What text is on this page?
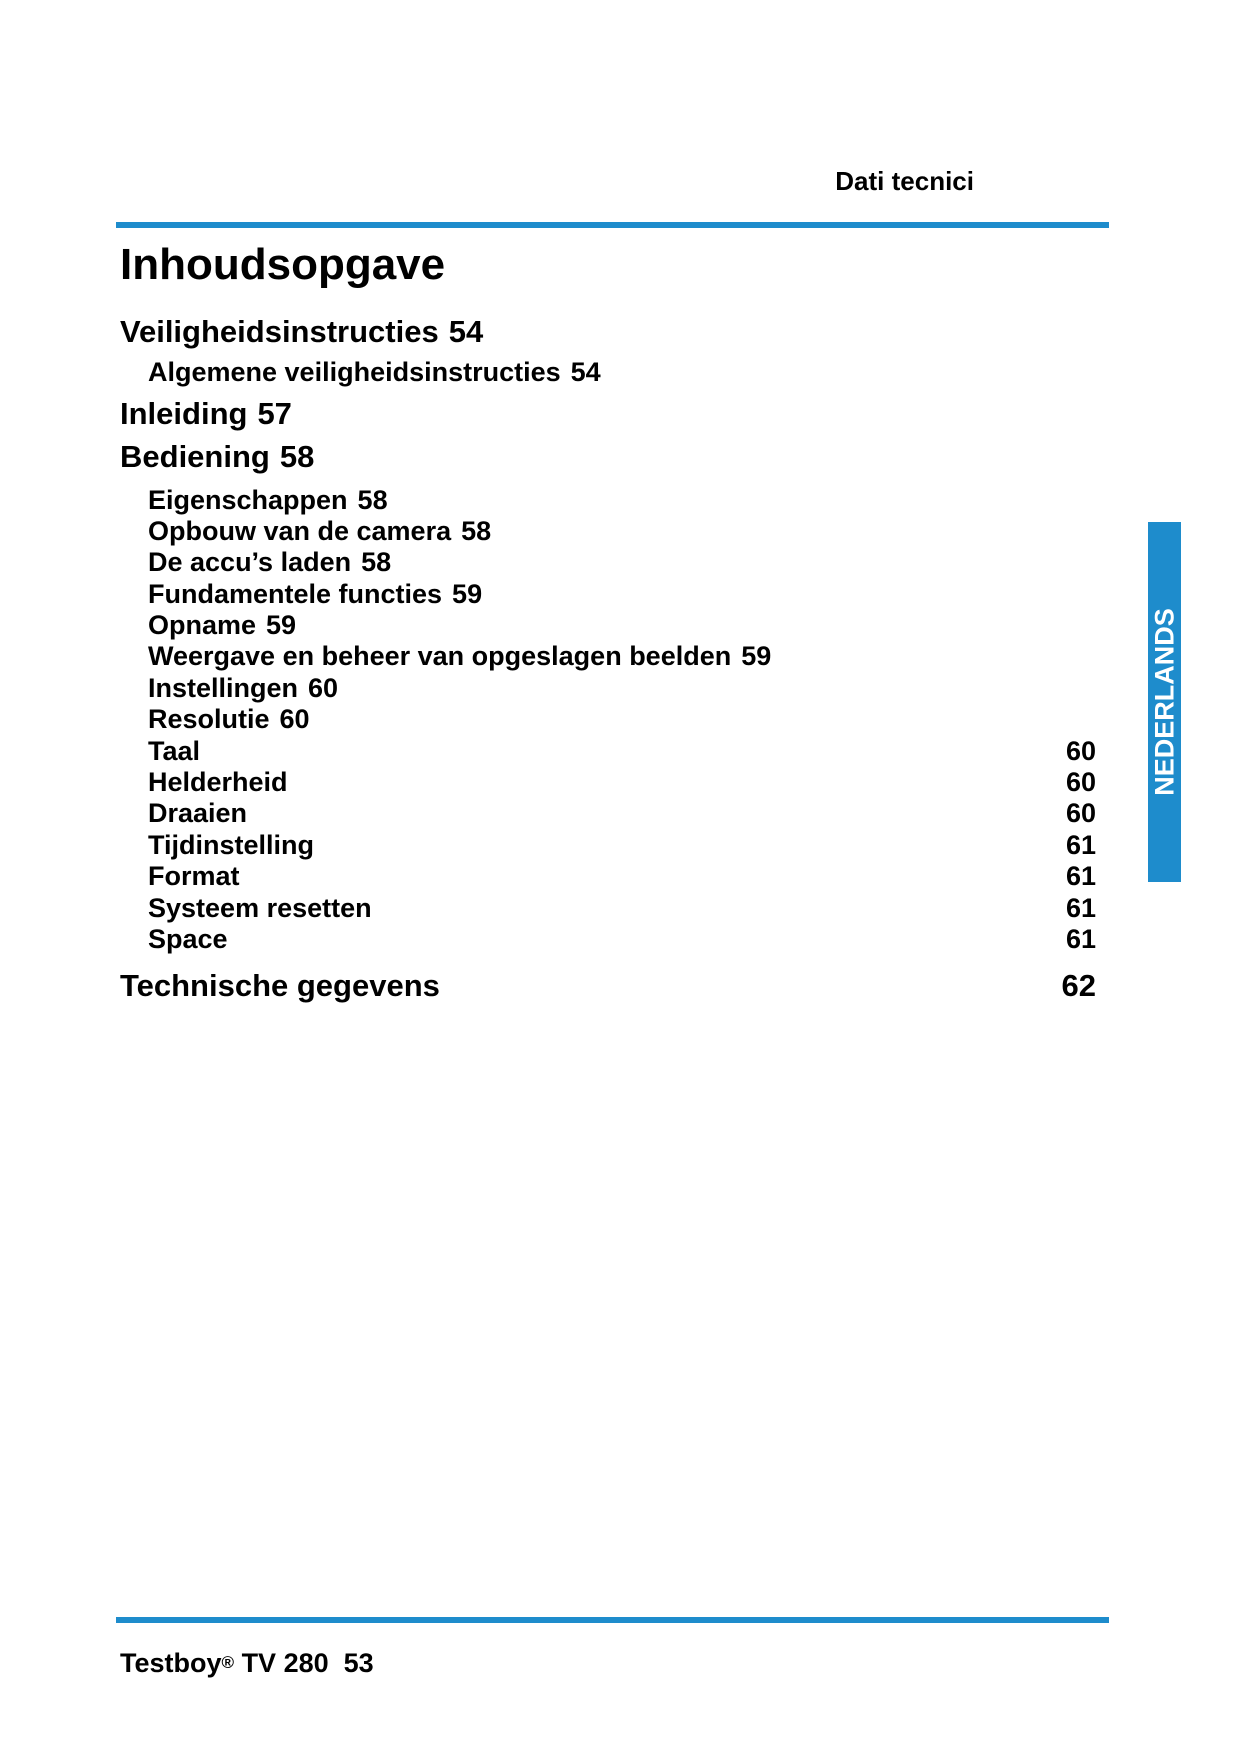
Dati tecnici
Inhoudsopgave
Veiligheidsinstructies 54
Algemene veiligheidsinstructies 54
Inleiding 57
Bediening 58
Eigenschappen 58
Opbouw van de camera 58
De accu’s laden 58
Fundamentele functies 59
Opname 59
Weergave en beheer van opgeslagen beelden 59
Instellingen 60
Resolutie 60
Taal	60
Helderheid	60
Draaien	60
Tijdinstelling	61
Format	61
Systeem resetten	61
Space	61
Technische gegevens	62
NEDERLANDS
Testboy® TV 280 53
